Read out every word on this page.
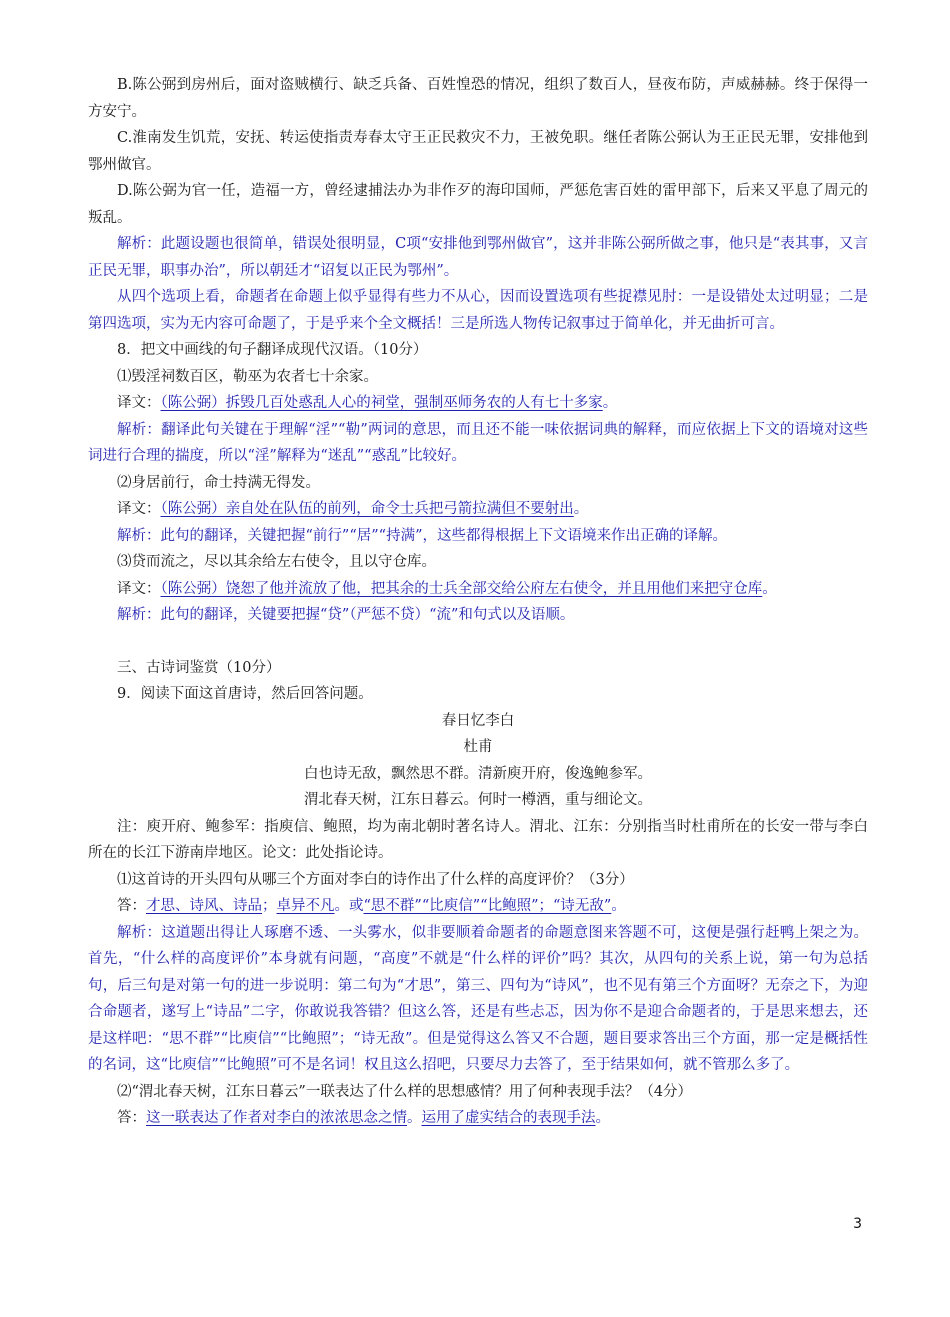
B.陈公弼到房州后，面对盗贼横行、缺乏兵备、百姓惶恐的情况，组织了数百人，昼夜布防，声威赫赫。终于保得一方安宁。

C.淮南发生饥荒，安抚、转运使指责寿春太守王正民救灾不力，王被免职。继任者陈公弼认为王正民无罪，安排他到鄂州做官。

D.陈公弼为官一任，造福一方，曾经逮捕法办为非作歹的海印国师，严惩危害百姓的雷甲部下，后来又平息了周元的叛乱。

解析：此题设题也很简单，错误处很明显，C项“安排他到鄂州做官”，这并非陈公弼所做之事，他只是“表其事，又言正民无罪，职事办治”，所以朝廷才“诏复以正民为鄂州”。

从四个选项上看，命题者在命题上似乎显得有些力不从心，因而设置选项有些捉襟见肘：一是设错处太过明显；二是第四选项，实为无内容可命题了，于是乎来个全文概括！三是所选人物传记叙事过于简单化，并无曲折可言。

8．把文中画线的句子翻译成现代汉语。（10分）

⑴毁淫祠数百区，勒巫为农者七十余家。

译文：（陈公弼）拆毁几百处惑乱人心的祠堂，强制巫师务农的人有七十多家。

解析：翻译此句关键在于理解“淫”“勒”两词的意思，而且还不能一味依据词典的解释，而应依据上下文的语境对这些词进行合理的揣度，所以“淫”解释为“迷乱”“惑乱”比较好。

⑵身居前行，命士持满无得发。

译文：（陈公弼）亲自处在队伍的前列，命令士兵把弓箭拉满但不要射出。

解析：此句的翻译，关键把握“前行”“居”“持满”，这些都得根据上下文语境来作出正确的译解。

⑶贷而流之，尽以其余给左右使令，且以守仓库。

译文：（陈公弼）饶恕了他并流放了他，把其余的士兵全部交给公府左右使令，并且用他们来把守仓库。

解析：此句的翻译，关键要把握“贷”（严惩不贷）“流”和句式以及语顺。

三、古诗词鉴赏（10分）

9．阅读下面这首唐诗，然后回答问题。

春日忆李白

杜甫

白也诗无敌，飘然思不群。清新庾开府，俊逸鲍参军。

渭北春天树，江东日暮云。何时一樽酒，重与细论文。

注：庾开府、鲍参军：指庾信、鲍照，均为南北朝时著名诗人。渭北、江东：分别指当时杜甫所在的长安一带与李白所在的长江下游南岸地区。论文：此处指论诗。

⑴这首诗的开头四句从哪三个方面对李白的诗作出了什么样的高度评价？（3分）

答：才思、诗风、诗品；卓异不凡。或“思不群”“比庾信”“比鲍照”；“诗无敌”。

解析：这道题出得让人琢磨不透、一头雾水，似非要顺着命题者的命题意图来答题不可，这便是强行赶鸭上架之为。首先，“什么样的高度评价”本身就有问题，“高度”不就是“什么样的评价”吗？其次，从四句的关系上说，第一句为总括句，后三句是对第一句的进一步说明：第二句为“才思”，第三、四句为“诗风”，也不见有第三个方面呀？无奈之下，为迎合命题者，遂写上“诗品”二字，你敢说我答错？但这么答，还是有些忐忑，因为你不是迎合命题者的，于是思来想去，还是这样吧：“思不群”“比庾信”“比鲍照”；“诗无敌”。但是觉得这么答又不合题，题目要求答出三个方面，那一定是概括性的名词，这“比庾信”“比鲍照”可不是名词！权且这么招吧，只要尽力去答了，至于结果如何，就不管那么多了。

⑵“渭北春天树，江东日暮云”一联表达了什么样的思想感情？用了何种表现手法？（4分）

答：这一联表达了作者对李白的浓浓思念之情。运用了虚实结合的表现手法。

3
